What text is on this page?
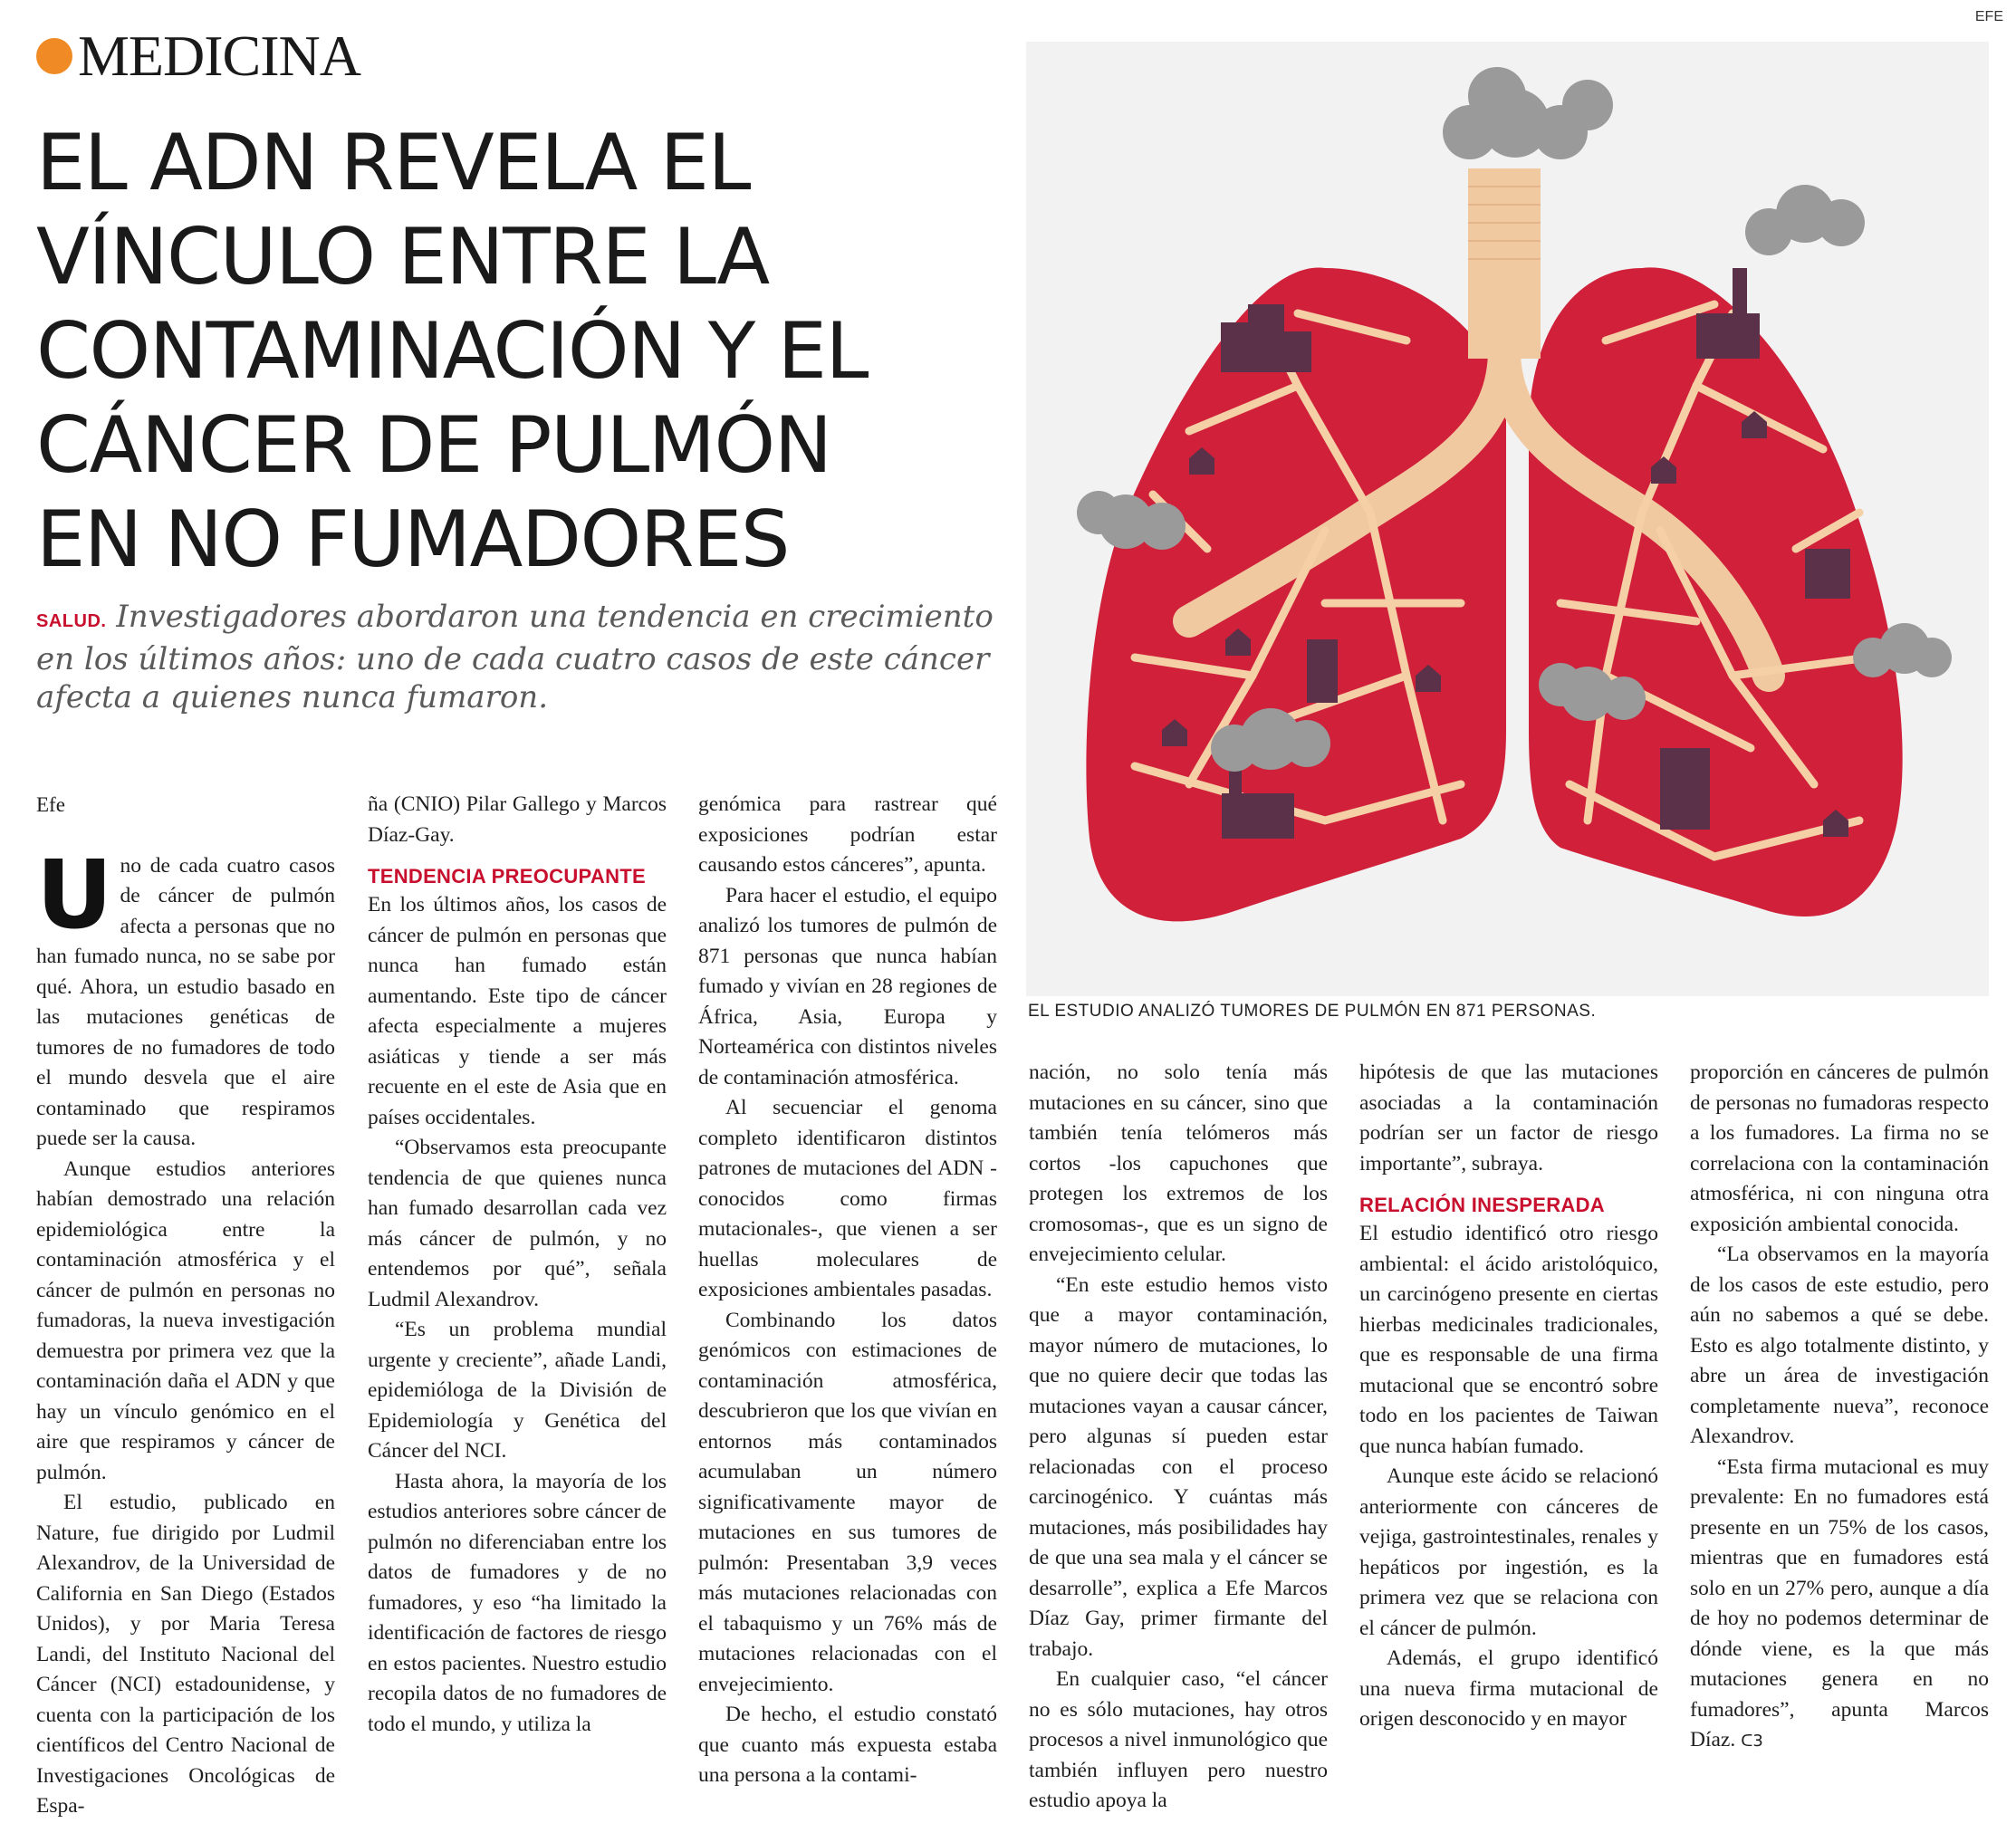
EFE
MEDICINA
EL ADN REVELA EL
VÍNCULO ENTRE LA
CONTAMINACIÓN Y EL
CÁNCER DE PULMÓN
EN NO FUMADORES
SALUD. Investigadores abordaron una tendencia en crecimiento en los últimos años: uno de cada cuatro casos de este cáncer afecta a quienes nunca fumaron.
EL ESTUDIO ANALIZÓ TUMORES DE PULMÓN EN 871 PERSONAS.
Efe

Uno de cada cuatro casos de cáncer de pulmón afecta a personas que no han fumado nunca, no se sabe por qué. Ahora, un estudio basado en las mutaciones genéticas de tumores de no fumadores de todo el mundo desvela que el aire contaminado que respiramos puede ser la causa.

Aunque estudios anteriores habían demostrado una relación epidemiológica entre la contaminación atmosférica y el cáncer de pulmón en personas no fumadoras, la nueva investigación demuestra por primera vez que la contaminación daña el ADN y que hay un vínculo genómico en el aire que respiramos y cáncer de pulmón.

El estudio, publicado en Nature, fue dirigido por Ludmil Alexandrov, de la Universidad de California en San Diego (Estados Unidos), y por Maria Teresa Landi, del Instituto Nacional del Cáncer (NCI) estadounidense, y cuenta con la participación de los científicos del Centro Nacional de Investigaciones Oncológicas de Espa-

ña (CNIO) Pilar Gallego y Marcos Díaz-Gay.

TENDENCIA PREOCUPANTE

En los últimos años, los casos de cáncer de pulmón en personas que nunca han fumado están aumentando. Este tipo de cáncer afecta especialmente a mujeres asiáticas y tiende a ser más recuente en el este de Asia que en países occidentales.

“Observamos esta preocupante tendencia de que quienes nunca han fumado desarrollan cada vez más cáncer de pulmón, y no entendemos por qué”, señala Ludmil Alexandrov.

“Es un problema mundial urgente y creciente”, añade Landi, epidemióloga de la División de Epidemiología y Genética del Cáncer del NCI.

Hasta ahora, la mayoría de los estudios anteriores sobre cáncer de pulmón no diferenciaban entre los datos de fumadores y de no fumadores, y eso “ha limitado la identificación de factores de riesgo en estos pacientes. Nuestro estudio recopila datos de no fumadores de todo el mundo, y utiliza la

genómica para rastrear qué exposiciones podrían estar causando estos cánceres”, apunta.

Para hacer el estudio, el equipo analizó los tumores de pulmón de 871 personas que nunca habían fumado y vivían en 28 regiones de África, Asia, Europa y Norteamérica con distintos niveles de contaminación atmosférica.

Al secuenciar el genoma completo identificaron distintos patrones de mutaciones del ADN -conocidos como firmas mutacionales-, que vienen a ser huellas moleculares de exposiciones ambientales pasadas.

Combinando los datos genómicos con estimaciones de contaminación atmosférica, descubrieron que los que vivían en entornos más contaminados acumulaban un número significativamente mayor de mutaciones en sus tumores de pulmón: Presentaban 3,9 veces más mutaciones relacionadas con el tabaquismo y un 76% más de mutaciones relacionadas con el envejecimiento.

De hecho, el estudio constató que cuanto más expuesta estaba una persona a la contami-

nación, no solo tenía más mutaciones en su cáncer, sino que también tenía telómeros más cortos -los capuchones que protegen los extremos de los cromosomas-, que es un signo de envejecimiento celular.

“En este estudio hemos visto que a mayor contaminación, mayor número de mutaciones, lo que no quiere decir que todas las mutaciones vayan a causar cáncer, pero algunas sí pueden estar relacionadas con el proceso carcinogénico. Y cuántas más mutaciones, más posibilidades hay de que una sea mala y el cáncer se desarrolle”, explica a Efe Marcos Díaz Gay, primer firmante del trabajo.

En cualquier caso, “el cáncer no es sólo mutaciones, hay otros procesos a nivel inmunológico que también influyen pero nuestro estudio apoya la

hipótesis de que las mutaciones asociadas a la contaminación podrían ser un factor de riesgo importante”, subraya.

RELACIÓN INESPERADA

El estudio identificó otro riesgo ambiental: el ácido aristolóquico, un carcinógeno presente en ciertas hierbas medicinales tradicionales, que es responsable de una firma mutacional que se encontró sobre todo en los pacientes de Taiwan que nunca habían fumado.

Aunque este ácido se relacionó anteriormente con cánceres de vejiga, gastrointestinales, renales y hepáticos por ingestión, es la primera vez que se relaciona con el cáncer de pulmón.

Además, el grupo identificó una nueva firma mutacional de origen desconocido y en mayor

proporción en cánceres de pulmón de personas no fumadoras respecto a los fumadores. La firma no se correlaciona con la contaminación atmosférica, ni con ninguna otra exposición ambiental conocida.

“La observamos en la mayoría de los casos de este estudio, pero aún no sabemos a qué se debe. Esto es algo totalmente distinto, y abre un área de investigación completamente nueva”, reconoce Alexandrov.

“Esta firma mutacional es muy prevalente: En no fumadores está presente en un 75% de los casos, mientras que en fumadores está solo en un 27% pero, aunque a día de hoy no podemos determinar de dónde viene, es la que más mutaciones genera en no fumadores”, apunta Marcos Díaz. ᑕ3
